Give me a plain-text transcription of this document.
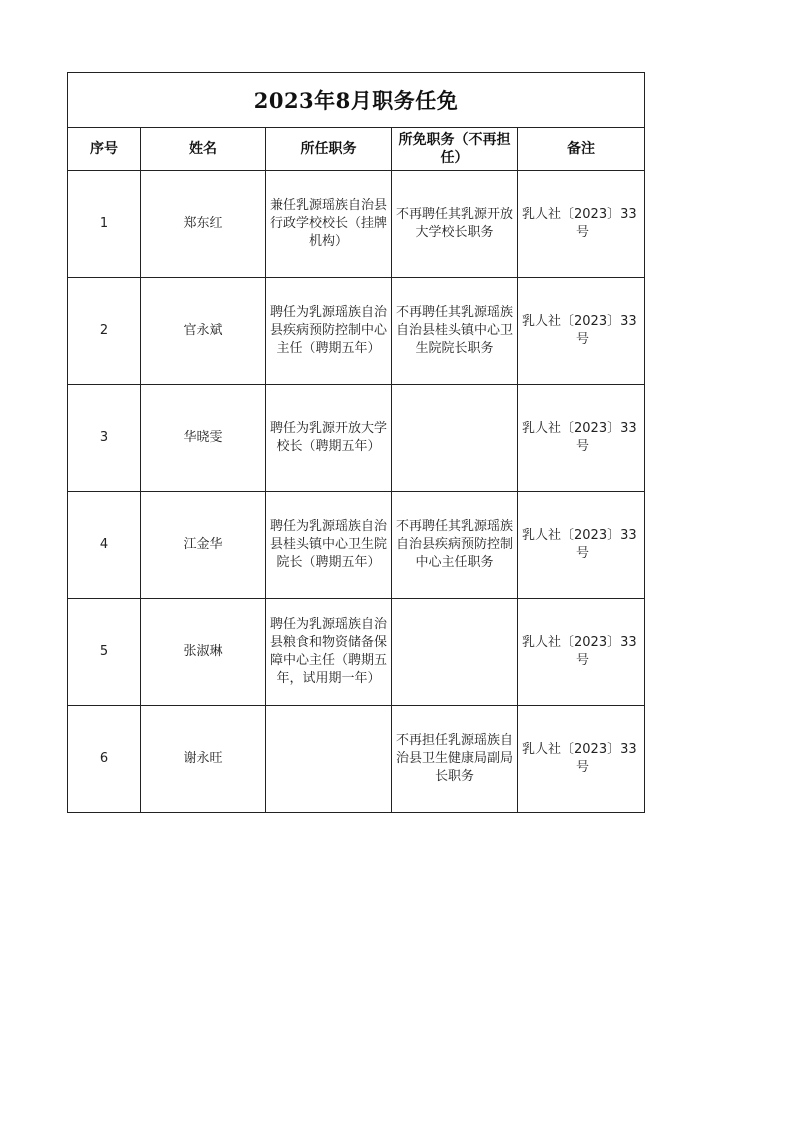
2023年8月职务任免				
序号	姓名	所任职务	所免职务（不再担任）	备注
1	郑东红	兼任乳源瑶族自治县行政学校校长（挂牌机构）	不再聘任其乳源开放大学校长职务	乳人社〔2023〕33
号

2	官永斌	聘任为乳源瑶族自治县疾病预防控制中心主任（聘期五年）	不再聘任其乳源瑶族自治县桂头镇中心卫生院院长职务	乳人社〔2023〕33
号

3	华晓雯	聘任为乳源开放大学校长（聘期五年）		乳人社〔2023〕33
号

4	江金华	聘任为乳源瑶族自治县桂头镇中心卫生院院长（聘期五年）	不再聘任其乳源瑶族自治县疾病预防控制中心主任职务	乳人社〔2023〕33
号

5	张淑琳	聘任为乳源瑶族自治县粮食和物资储备保障中心主任（聘期五年，试用期一年）		乳人社〔2023〕33
号

6	谢永旺		不再担任乳源瑶族自治县卫生健康局副局长职务	乳人社〔2023〕33
号
